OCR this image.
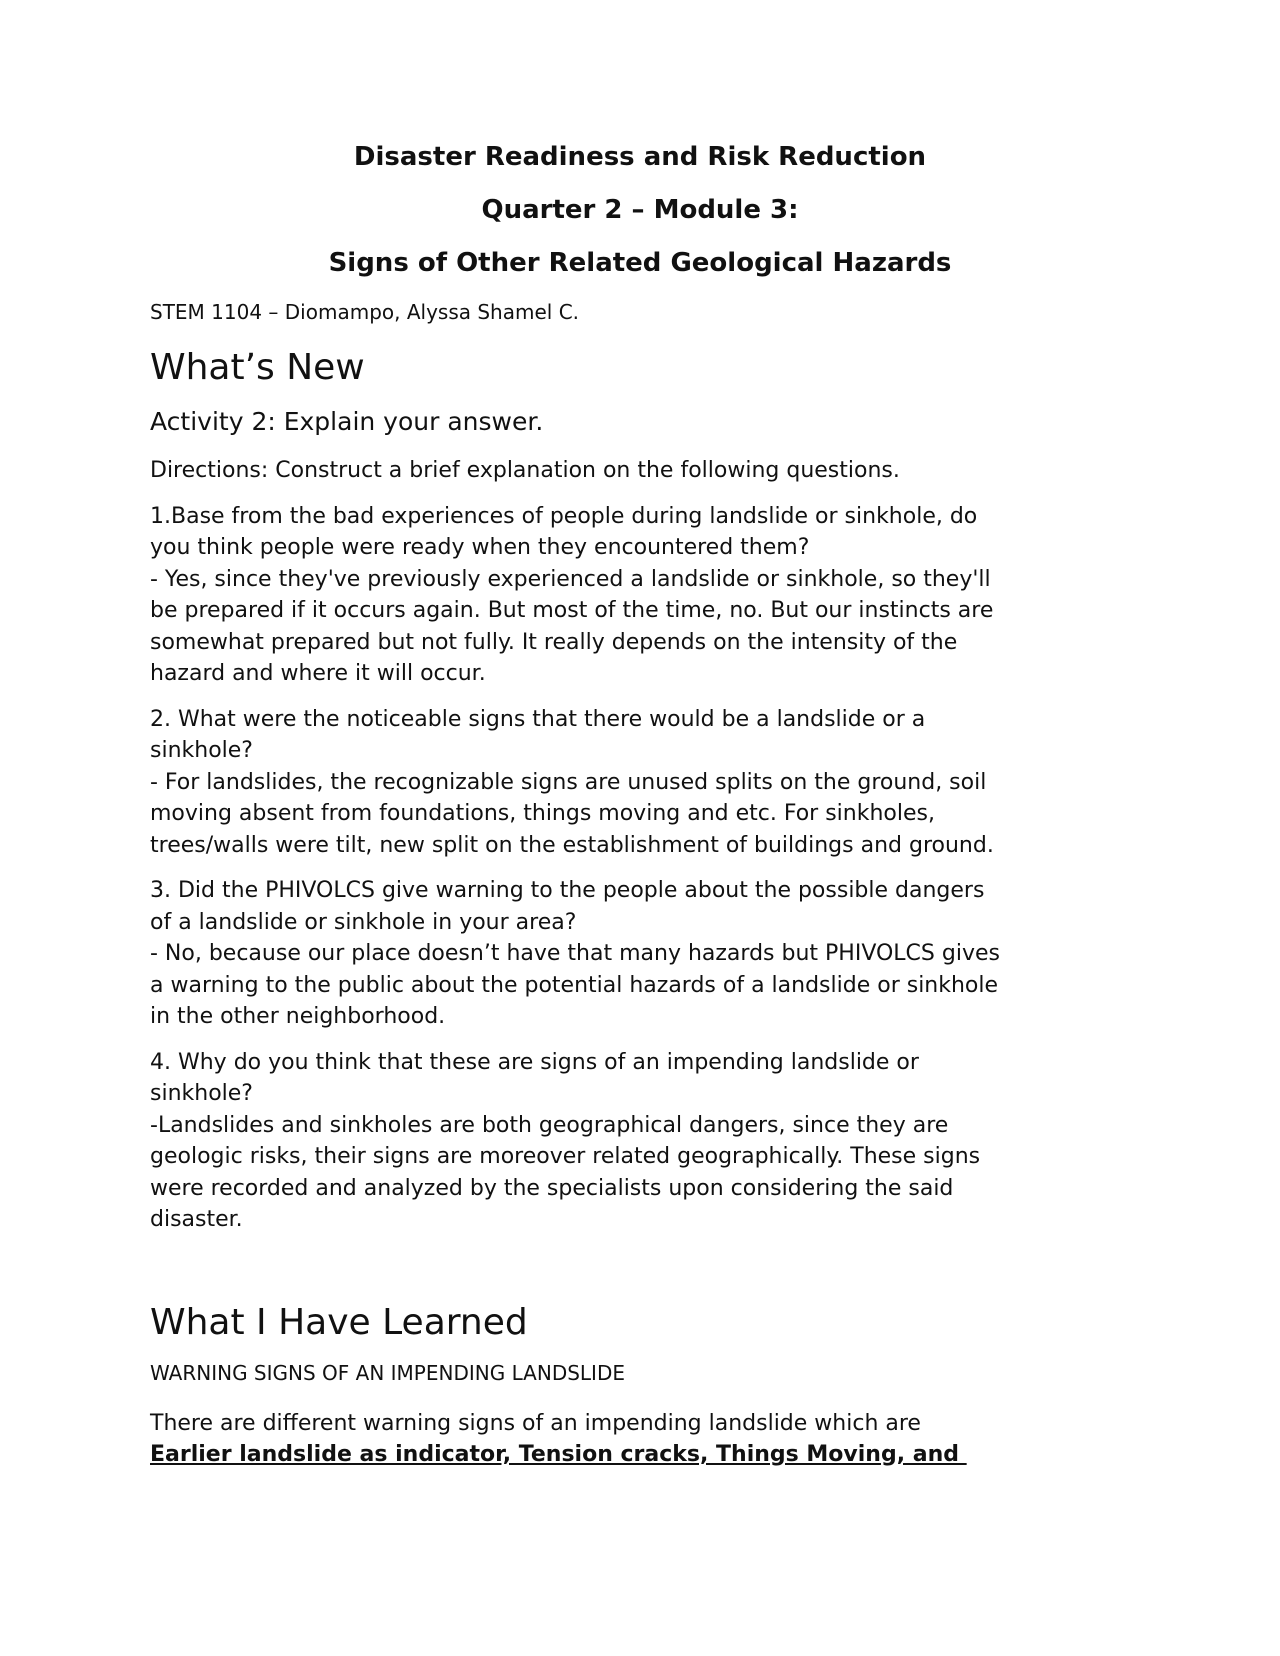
Disaster Readiness and Risk Reduction
Quarter 2 – Module 3:
Signs of Other Related Geological Hazards
STEM 1104 – Diomampo, Alyssa Shamel C.
What’s New
Activity 2: Explain your answer.
Directions: Construct a brief explanation on the following questions.
1.Base from the bad experiences of people during landslide or sinkhole, do
you think people were ready when they encountered them?
- Yes, since they've previously experienced a landslide or sinkhole, so they'll
be prepared if it occurs again. But most of the time, no. But our instincts are
somewhat prepared but not fully. It really depends on the intensity of the
hazard and where it will occur.
2. What were the noticeable signs that there would be a landslide or a
sinkhole?
- For landslides, the recognizable signs are unused splits on the ground, soil
moving absent from foundations, things moving and etc. For sinkholes,
trees/walls were tilt, new split on the establishment of buildings and ground.
3. Did the PHIVOLCS give warning to the people about the possible dangers
of a landslide or sinkhole in your area?
- No, because our place doesn’t have that many hazards but PHIVOLCS gives
a warning to the public about the potential hazards of a landslide or sinkhole
in the other neighborhood.
4. Why do you think that these are signs of an impending landslide or
sinkhole?
-Landslides and sinkholes are both geographical dangers, since they are
geologic risks, their signs are moreover related geographically. These signs
were recorded and analyzed by the specialists upon considering the said
disaster.
What I Have Learned
WARNING SIGNS OF AN IMPENDING LANDSLIDE
There are different warning signs of an impending landslide which are
Earlier landslide as indicator, Tension cracks, Things Moving, and
